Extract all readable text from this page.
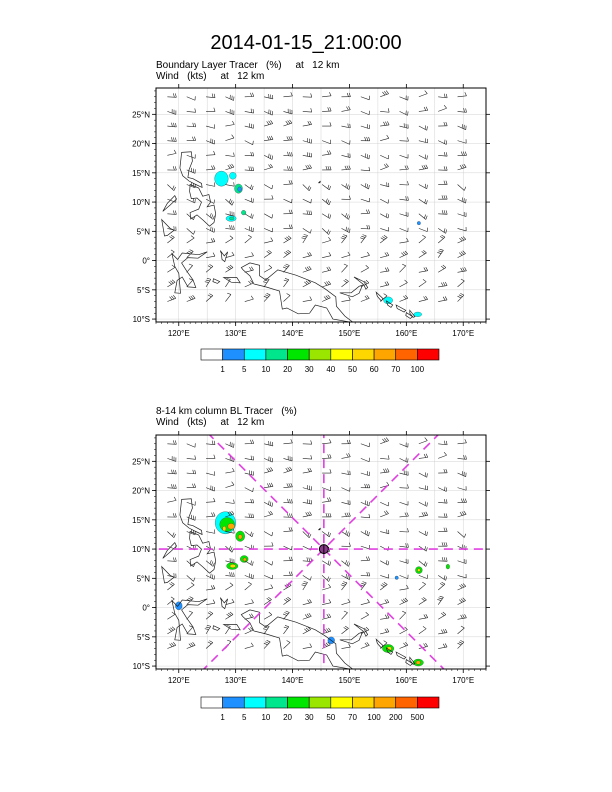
2014-01-15_21:00:00
Boundary Layer Tracer   (%)     at   12 km
Wind   (kts)     at   12 km
8-14 km column BL Tracer   (%)
Wind   (kts)     at   12 km
120°E	130°E	140°E	150°E	160°E	170°E
25°N
20°N
15°N
10°N
5°N
0°
5°S
10°S
1 5 10 20 30 40 50 60 70 100
120°E	130°E	140°E	150°E	160°E	170°E
25°N
20°N
15°N
10°N
5°N
0°
5°S
10°S
1 5 10 20 30 50 70 100 200 500
